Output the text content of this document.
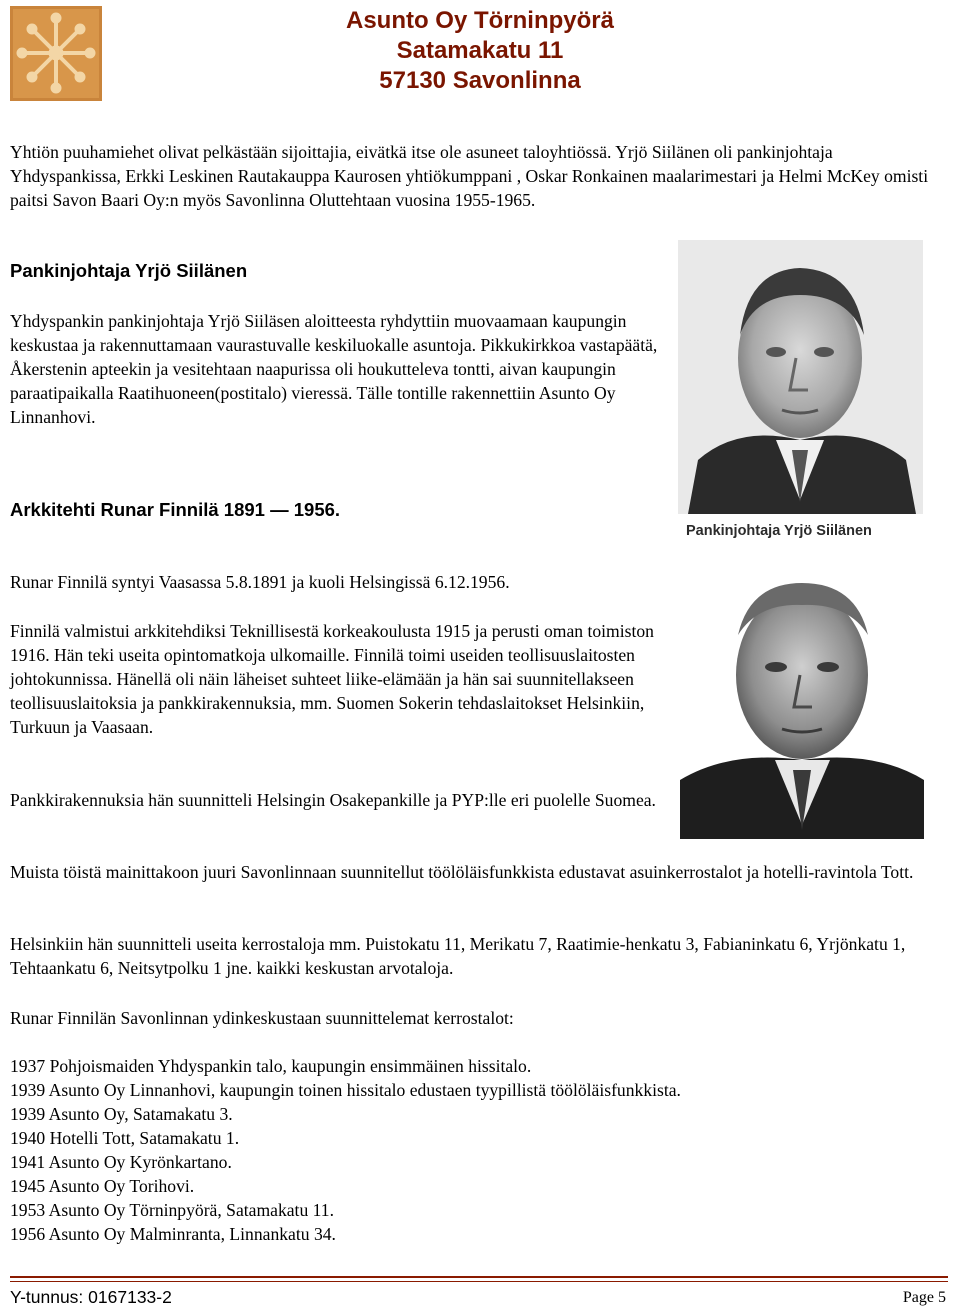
Asunto Oy Törninpyörä
Satamakatu 11
57130 Savonlinna

Yhtiön puuhamiehet olivat pelkästään sijoittajia, eivätkä itse ole asuneet taloyhtiössä. Yrjö Siilänen oli pankinjohtaja Yhdyspankissa, Erkki Leskinen Rautakauppa Kaurosen yhtiökumppani , Oskar Ronkainen maalarimestari ja Helmi McKey omisti paitsi Savon Baari Oy:n myös Savonlinna Oluttehtaan vuosina 1955-1965.

Pankinjohtaja Yrjö Siilänen

Yhdyspankin pankinjohtaja Yrjö Siiläsen aloitteesta ryhdyttiin muovaamaan kaupungin keskustaa ja rakennuttamaan vaurastuvalle keskiluokalle asuntoja. Pikkukirkkoa vastapäätä, Åkerstenin apteekin ja vesitehtaan naapurissa oli houkutteleva tontti, aivan kaupungin paraatipaikalla Raatihuoneen(postitalo) vieressä. Tälle tontille rakennettiin Asunto Oy Linnanhovi.

Pankinjohtaja Yrjö Siilänen
Arkkitehti Runar Finnilä 1891 — 1956.

Runar Finnilä syntyi Vaasassa 5.8.1891 ja kuoli Helsingissä 6.12.1956.

Finnilä valmistui arkkitehdiksi Teknillisestä korkeakoulusta 1915 ja perusti oman toimiston 1916. Hän teki useita opintomatkoja ulkomaille. Finnilä toimi useiden teollisuuslaitosten johtokunnissa. Hänellä oli näin läheiset suhteet liike-elämään ja hän sai suunnitellakseen teollisuuslaitoksia ja pankkirakennuksia, mm. Suomen Sokerin tehdaslaitokset Helsinkiin, Turkuun ja Vaasaan.

Pankkirakennuksia hän suunnitteli Helsingin Osakepankille ja PYP:lle eri puolelle Suomea.

Muista töistä mainittakoon juuri Savonlinnaan suunnitellut töölöläisfunkkista edustavat asuinkerrostalot ja hotelli-ravintola Tott.

Helsinkiin hän suunnitteli useita kerrostaloja mm. Puistokatu 11, Merikatu 7, Raatimie-henkatu 3, Fabianinkatu 6, Yrjönkatu 1, Tehtaankatu 6, Neitsytpolku 1 jne. kaikki keskustan arvotaloja.

Runar Finnilän Savonlinnan ydinkeskustaan suunnittelemat kerrostalot:

1937 Pohjoismaiden Yhdyspankin talo, kaupungin ensimmäinen hissitalo.
1939 Asunto Oy Linnanhovi, kaupungin toinen hissitalo edustaen tyypillistä töölöläisfunkkista.
1939 Asunto Oy, Satamakatu 3.
1940 Hotelli Tott, Satamakatu 1.
1941 Asunto Oy Kyrönkartano.
1945 Asunto Oy Torihovi.
1953 Asunto Oy Törninpyörä, Satamakatu 11.
1956 Asunto Oy Malminranta, Linnankatu 34.
Y-tunnus: 0167133-2	Page 5
